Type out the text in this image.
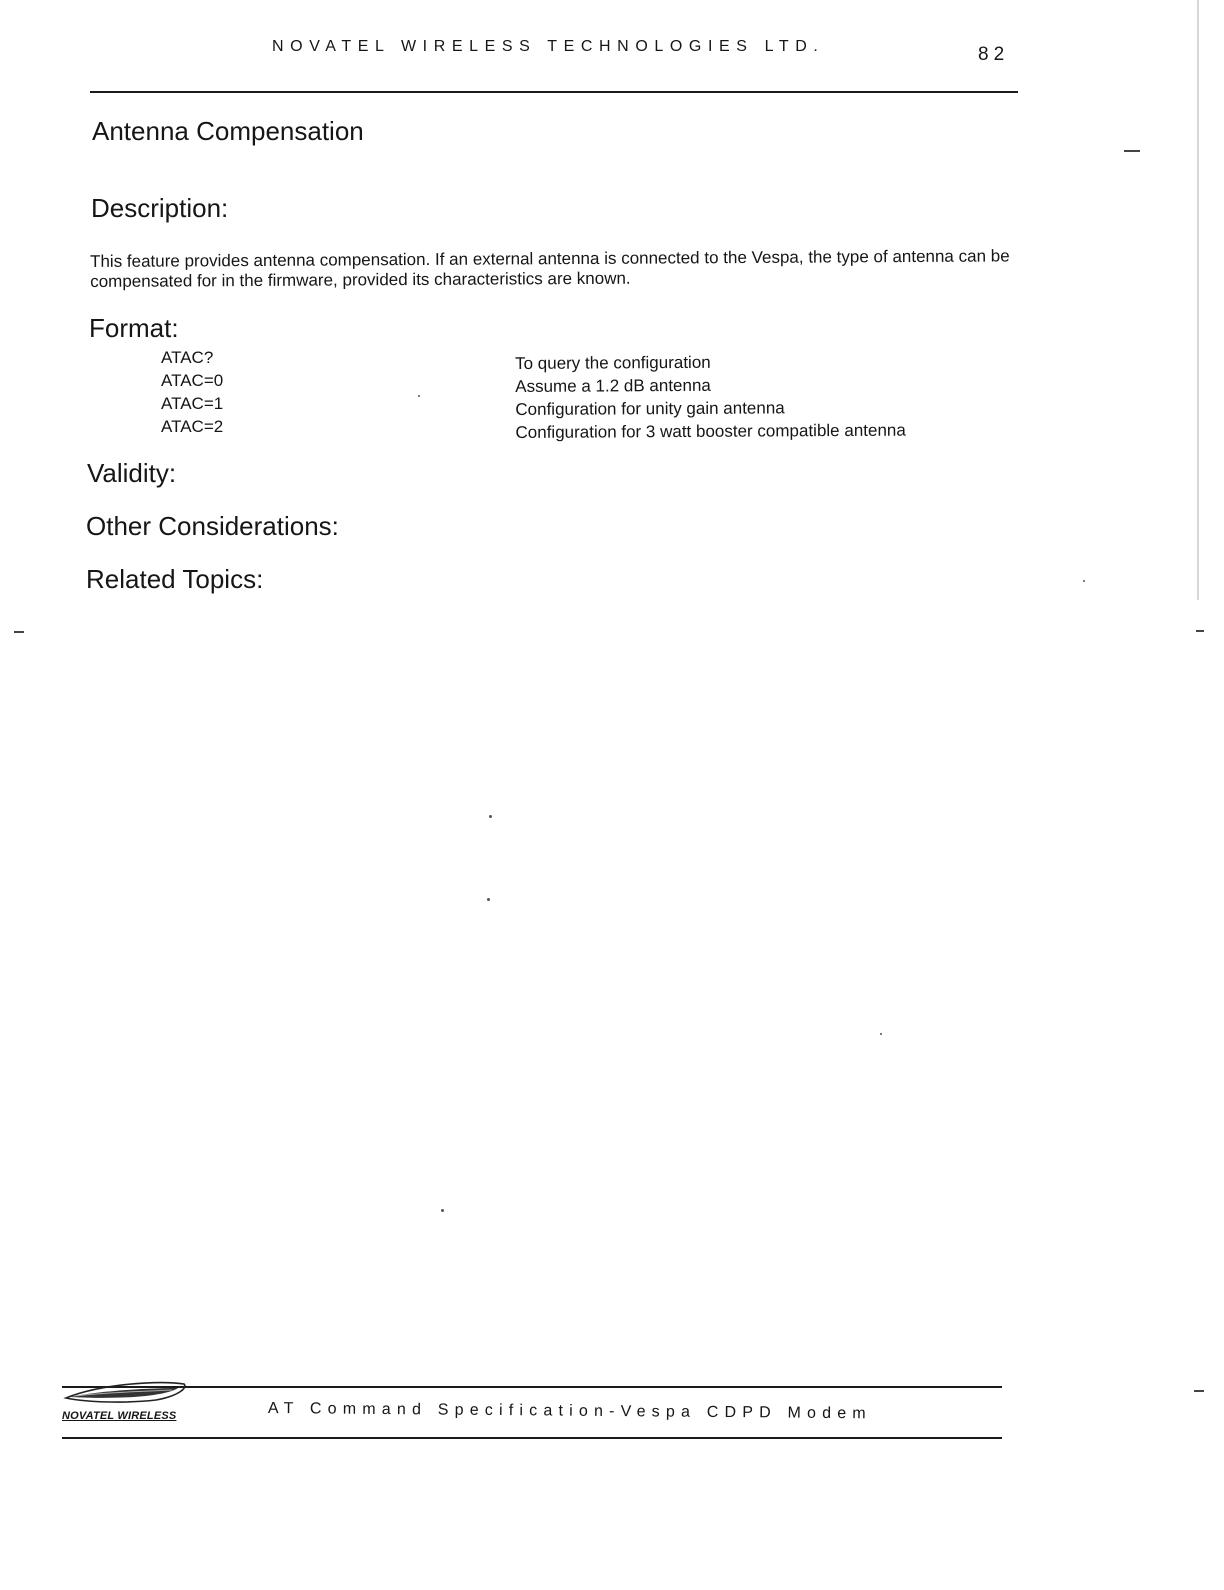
NOVATEL WIRELESS TECHNOLOGIES LTD.	82
Antenna Compensation
Description:
This feature provides antenna compensation. If an external antenna is connected to the Vespa, the type of antenna can be compensated for in the firmware, provided its characteristics are known.
Format:
ATAC?
ATAC=0
ATAC=1
ATAC=2
To query the configuration
Assume a 1.2 dB antenna
Configuration for unity gain antenna
Configuration for 3 watt booster compatible antenna
Validity:
Other Considerations:
Related Topics:
NOVATEL WIRELESS	AT Command Specification-Vespa CDPD Modem
